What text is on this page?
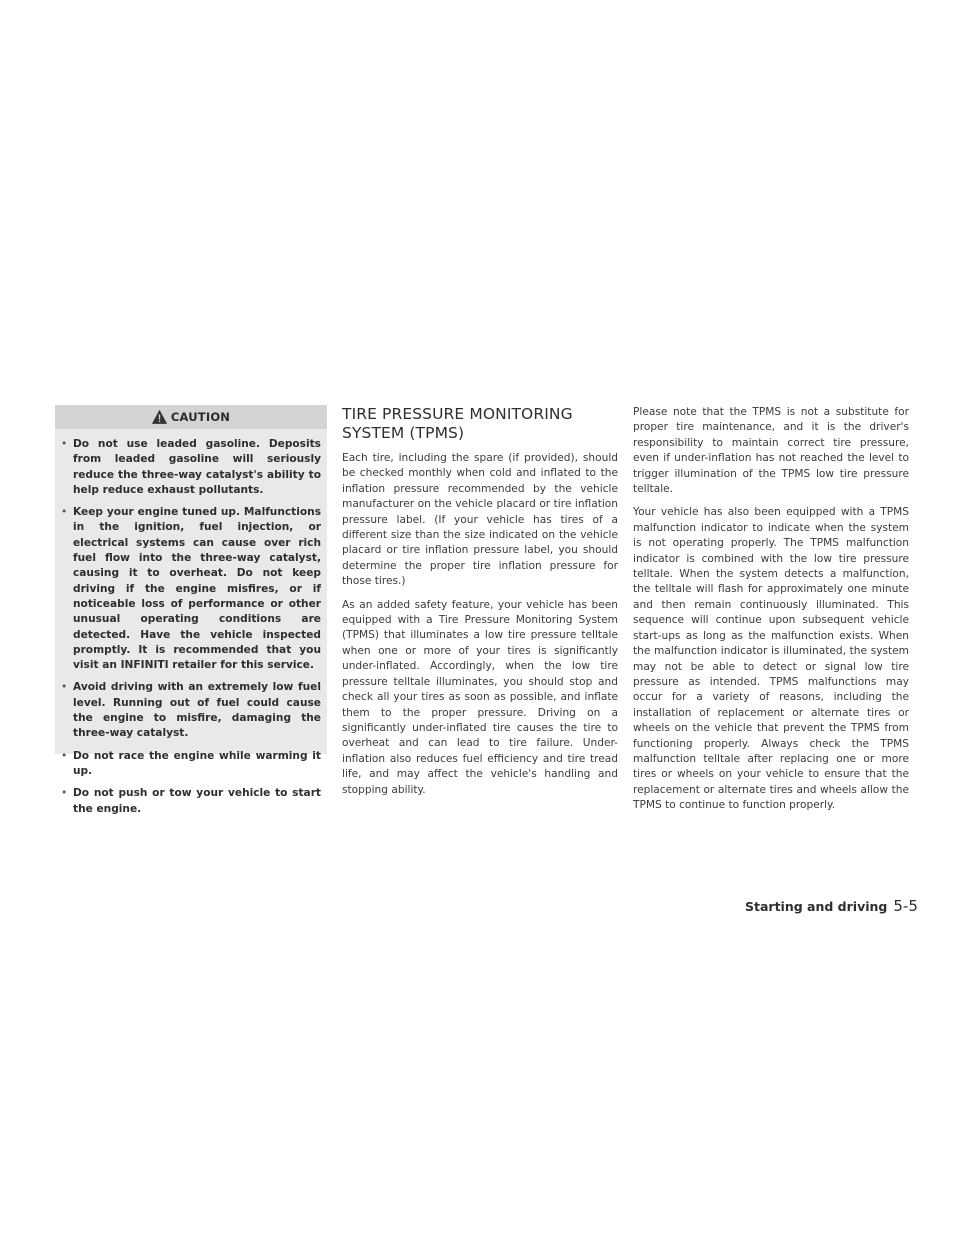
CAUTION
• Do not use leaded gasoline. Deposits from leaded gasoline will seriously reduce the three-way catalyst's ability to help reduce exhaust pollutants.
• Keep your engine tuned up. Malfunctions in the ignition, fuel injection, or electrical systems can cause over rich fuel flow into the three-way catalyst, causing it to overheat. Do not keep driving if the engine misfires, or if noticeable loss of performance or other unusual operating conditions are detected. Have the vehicle inspected promptly. It is recommended that you visit an INFINITI retailer for this service.
• Avoid driving with an extremely low fuel level. Running out of fuel could cause the engine to misfire, damaging the three-way catalyst.
• Do not race the engine while warming it up.
• Do not push or tow your vehicle to start the engine.
TIRE PRESSURE MONITORING SYSTEM (TPMS)

Each tire, including the spare (if provided), should be checked monthly when cold and inflated to the inflation pressure recommended by the vehicle manufacturer on the vehicle placard or tire inflation pressure label. (If your vehicle has tires of a different size than the size indicated on the vehicle placard or tire inflation pressure label, you should determine the proper tire inflation pressure for those tires.)

As an added safety feature, your vehicle has been equipped with a Tire Pressure Monitoring System (TPMS) that illuminates a low tire pressure telltale when one or more of your tires is significantly under-inflated. Accordingly, when the low tire pressure telltale illuminates, you should stop and check all your tires as soon as possible, and inflate them to the proper pressure. Driving on a significantly under-inflated tire causes the tire to overheat and can lead to tire failure. Under-inflation also reduces fuel efficiency and tire tread life, and may affect the vehicle's handling and stopping ability.

Please note that the TPMS is not a substitute for proper tire maintenance, and it is the driver's responsibility to maintain correct tire pressure, even if under-inflation has not reached the level to trigger illumination of the TPMS low tire pressure telltale.

Your vehicle has also been equipped with a TPMS malfunction indicator to indicate when the system is not operating properly. The TPMS malfunction indicator is combined with the low tire pressure telltale. When the system detects a malfunction, the telltale will flash for approximately one minute and then remain continuously illuminated. This sequence will continue upon subsequent vehicle start-ups as long as the malfunction exists. When the malfunction indicator is illuminated, the system may not be able to detect or signal low tire pressure as intended. TPMS malfunctions may occur for a variety of reasons, including the installation of replacement or alternate tires or wheels on the vehicle that prevent the TPMS from functioning properly. Always check the TPMS malfunction telltale after replacing one or more tires or wheels on your vehicle to ensure that the replacement or alternate tires and wheels allow the TPMS to continue to function properly.

Starting and driving 5-5
